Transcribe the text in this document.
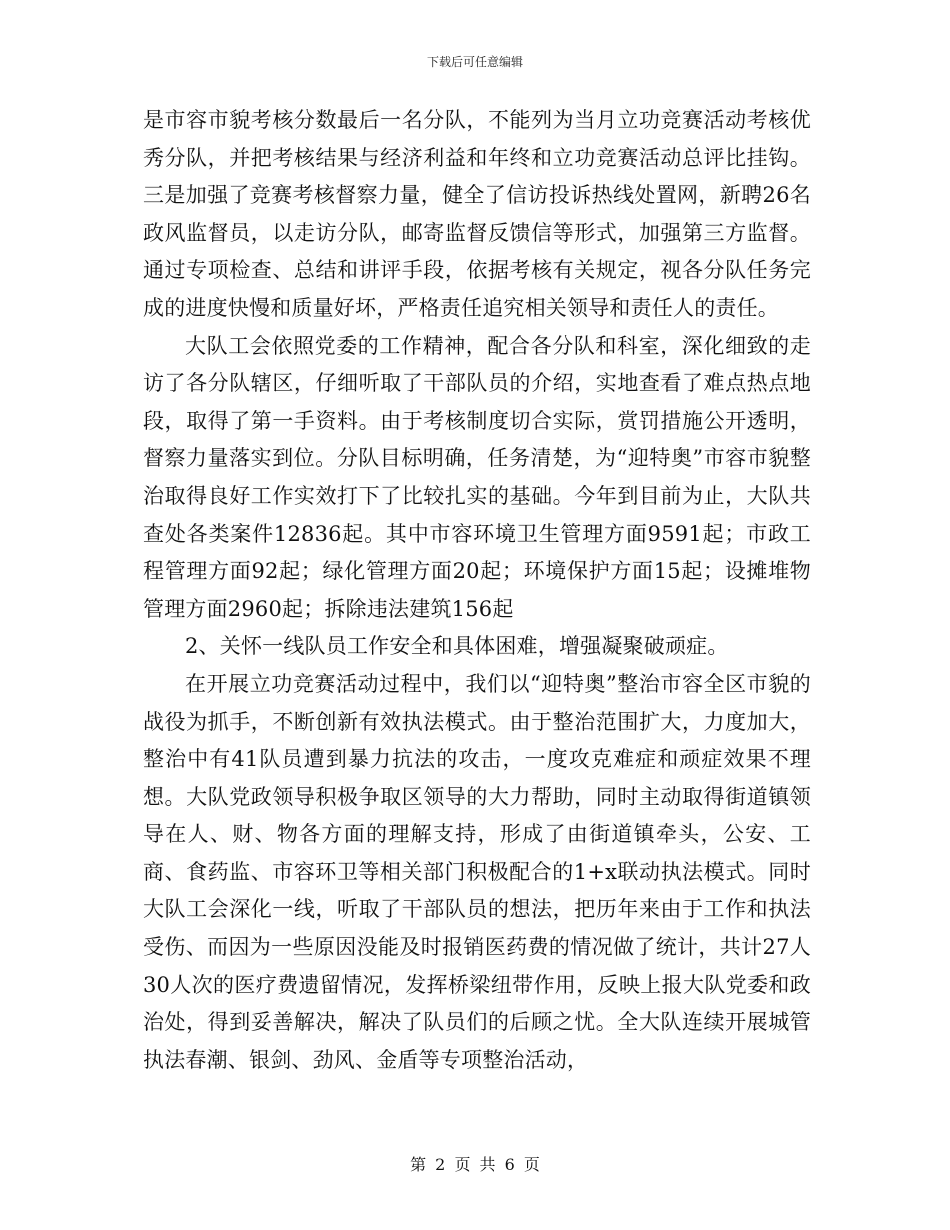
下载后可任意编辑

是市容市貌考核分数最后一名分队，不能列为当月立功竞赛活动考核优秀分队，并把考核结果与经济利益和年终和立功竞赛活动总评比挂钩。三是加强了竞赛考核督察力量，健全了信访投诉热线处置网，新聘26名政风监督员，以走访分队，邮寄监督反馈信等形式，加强第三方监督。通过专项检查、总结和讲评手段，依据考核有关规定，视各分队任务完成的进度快慢和质量好坏，严格责任追究相关领导和责任人的责任。

大队工会依照党委的工作精神，配合各分队和科室，深化细致的走访了各分队辖区，仔细听取了干部队员的介绍，实地查看了难点热点地段，取得了第一手资料。由于考核制度切合实际，赏罚措施公开透明，督察力量落实到位。分队目标明确，任务清楚，为“迎特奥”市容市貌整治取得良好工作实效打下了比较扎实的基础。今年到目前为止，大队共查处各类案件12836起。其中市容环境卫生管理方面9591起；市政工程管理方面92起；绿化管理方面20起；环境保护方面15起；设摊堆物管理方面2960起；拆除违法建筑156起

2、关怀一线队员工作安全和具体困难，增强凝聚破顽症。

在开展立功竞赛活动过程中，我们以“迎特奥”整治市容全区市貌的战役为抓手，不断创新有效执法模式。由于整治范围扩大，力度加大，整治中有41队员遭到暴力抗法的攻击，一度攻克难症和顽症效果不理想。大队党政领导积极争取区领导的大力帮助，同时主动取得街道镇领导在人、财、物各方面的理解支持，形成了由街道镇牵头，公安、工商、食药监、市容环卫等相关部门积极配合的1+x联动执法模式。同时大队工会深化一线，听取了干部队员的想法，把历年来由于工作和执法受伤、而因为一些原因没能及时报销医药费的情况做了统计，共计27人30人次的医疗费遗留情况，发挥桥梁纽带作用，反映上报大队党委和政治处，得到妥善解决，解决了队员们的后顾之忧。全大队连续开展城管执法春潮、银剑、劲风、金盾等专项整治活动，

第 2 页 共 6 页
